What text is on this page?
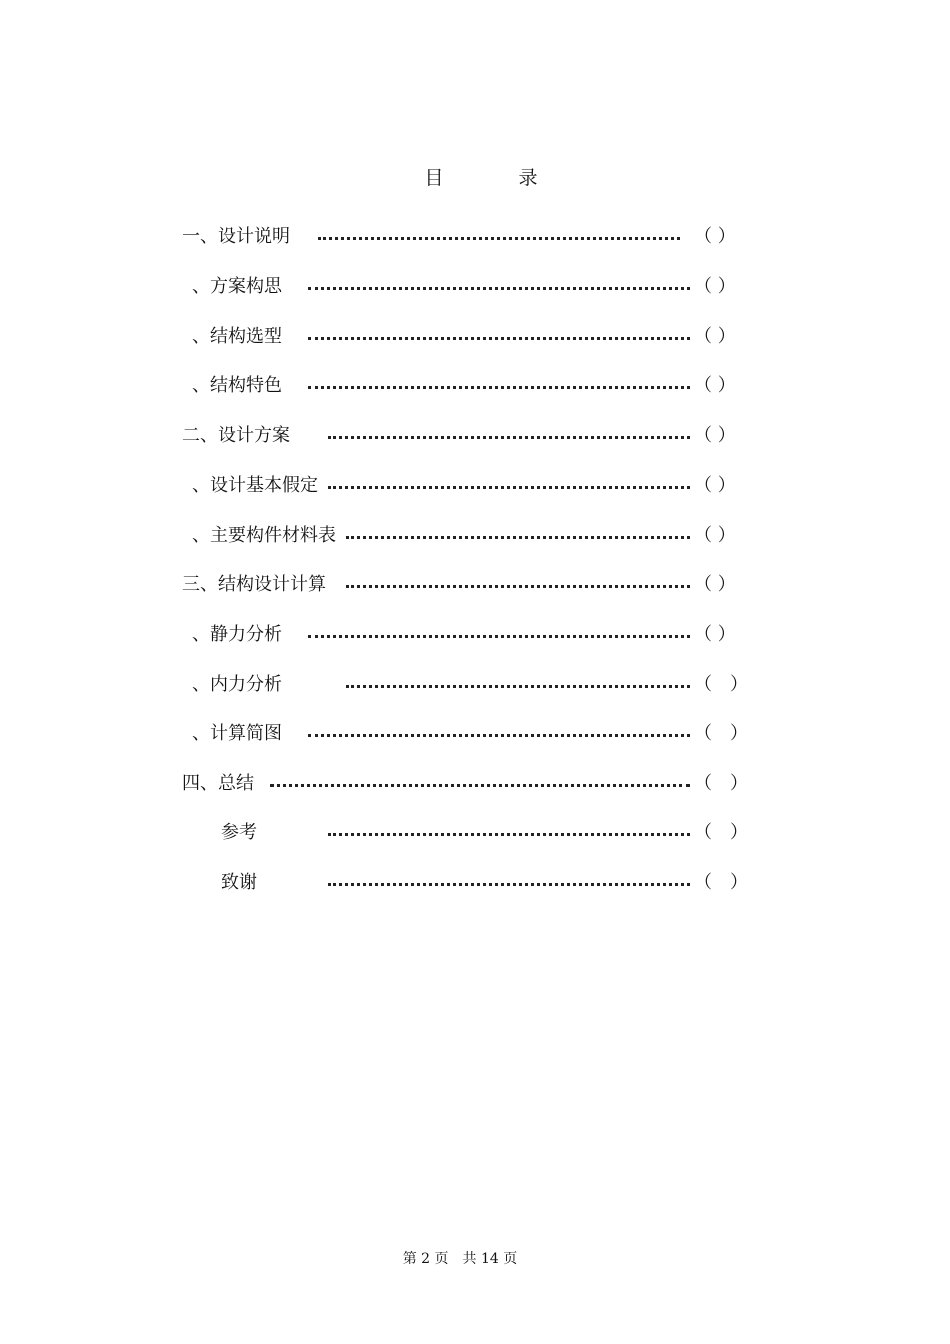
目　录
一、设计说明	（ ）
、方案构思	（ ）
、结构选型	（ ）
、结构特色	（ ）
二、设计方案	（ ）
、设计基本假定	（ ）
、主要构件材料表	（ ）
三、结构设计计算	（ ）
、静力分析	（ ）
、内力分析	（　）
、计算简图	（　）
四、总结	（　）
参考	（　）
致谢	（　）
第 2 页　共 14 页
